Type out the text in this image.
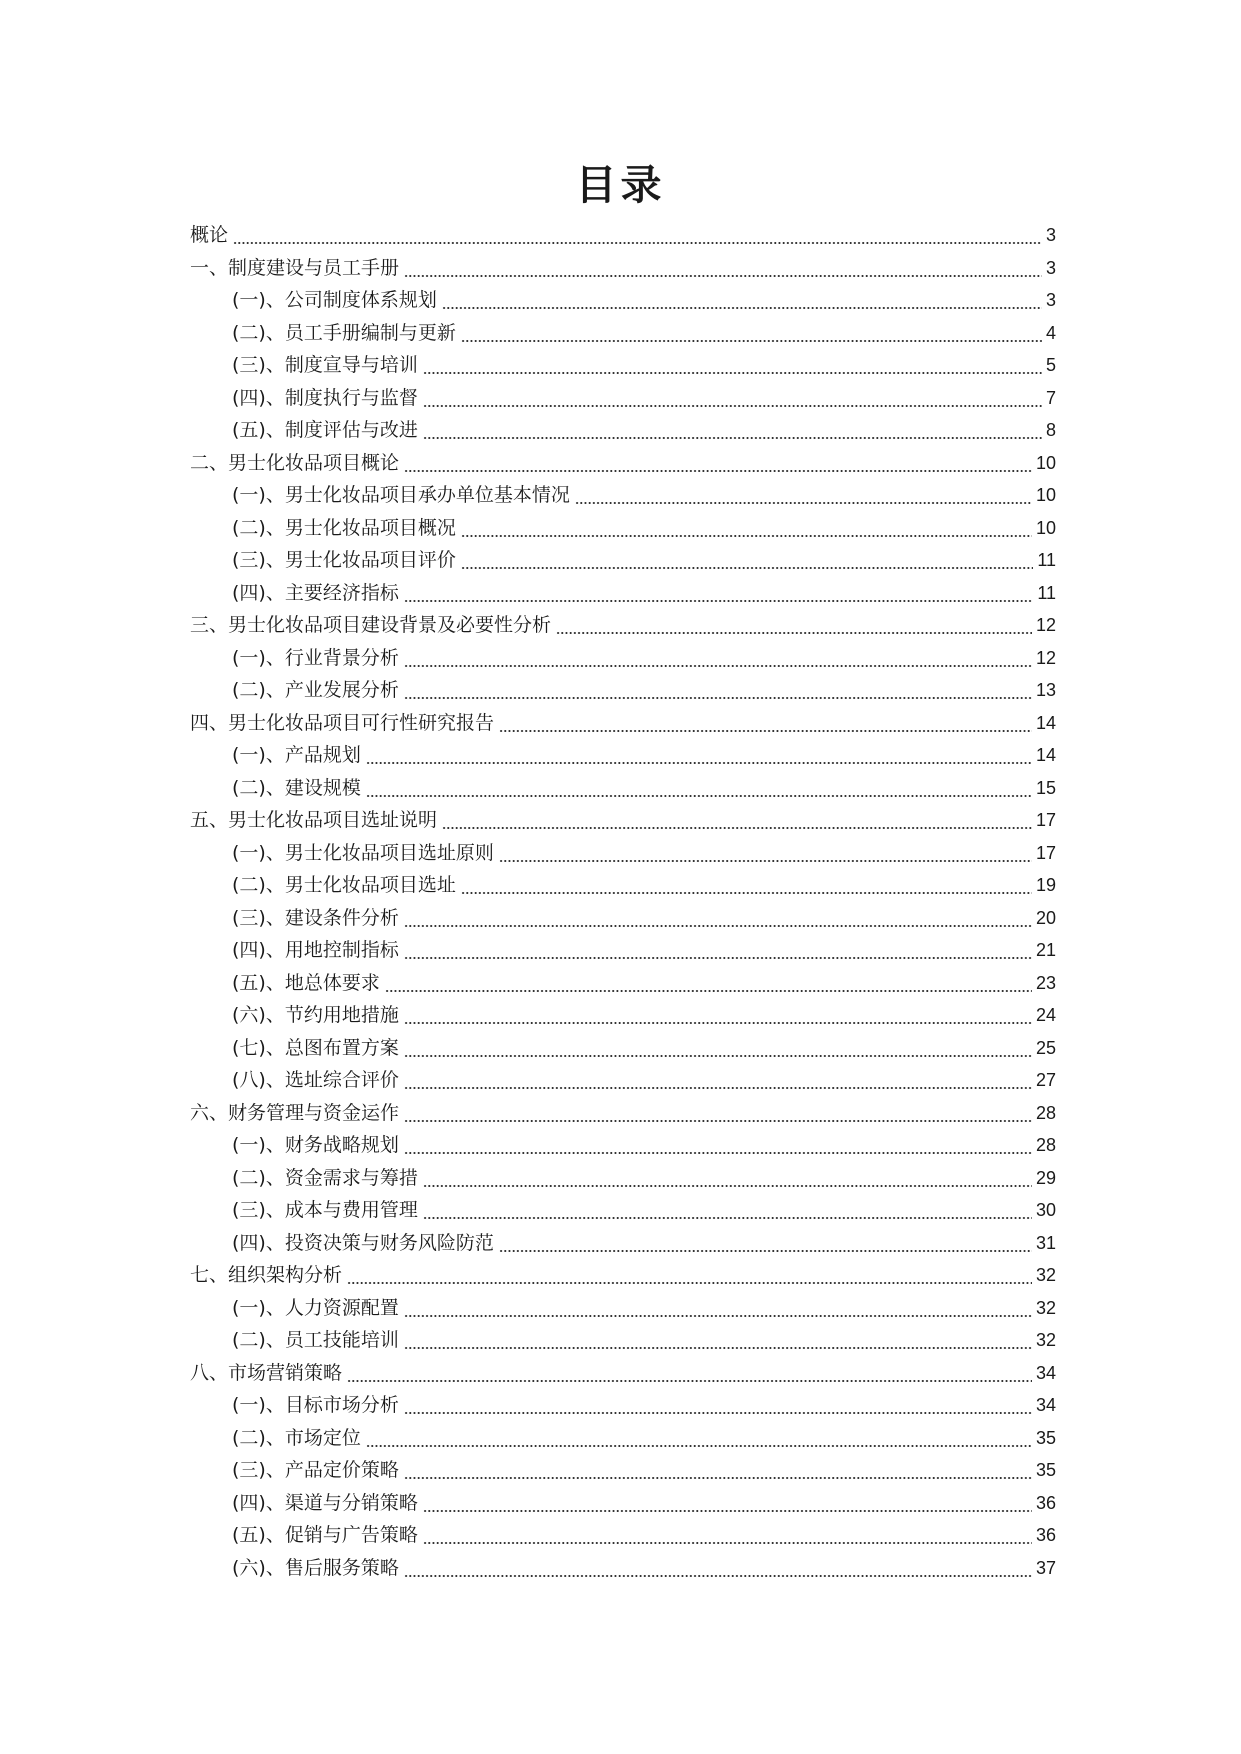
目录
概论	3
一、制度建设与员工手册	3
(一)、公司制度体系规划	3
(二)、员工手册编制与更新	4
(三)、制度宣导与培训	5
(四)、制度执行与监督	7
(五)、制度评估与改进	8
二、男士化妆品项目概论	10
(一)、男士化妆品项目承办单位基本情况	10
(二)、男士化妆品项目概况	10
(三)、男士化妆品项目评价	11
(四)、主要经济指标	11
三、男士化妆品项目建设背景及必要性分析	12
(一)、行业背景分析	12
(二)、产业发展分析	13
四、男士化妆品项目可行性研究报告	14
(一)、产品规划	14
(二)、建设规模	15
五、男士化妆品项目选址说明	17
(一)、男士化妆品项目选址原则	17
(二)、男士化妆品项目选址	19
(三)、建设条件分析	20
(四)、用地控制指标	21
(五)、地总体要求	23
(六)、节约用地措施	24
(七)、总图布置方案	25
(八)、选址综合评价	27
六、财务管理与资金运作	28
(一)、财务战略规划	28
(二)、资金需求与筹措	29
(三)、成本与费用管理	30
(四)、投资决策与财务风险防范	31
七、组织架构分析	32
(一)、人力资源配置	32
(二)、员工技能培训	32
八、市场营销策略	34
(一)、目标市场分析	34
(二)、市场定位	35
(三)、产品定价策略	35
(四)、渠道与分销策略	36
(五)、促销与广告策略	36
(六)、售后服务策略	37
